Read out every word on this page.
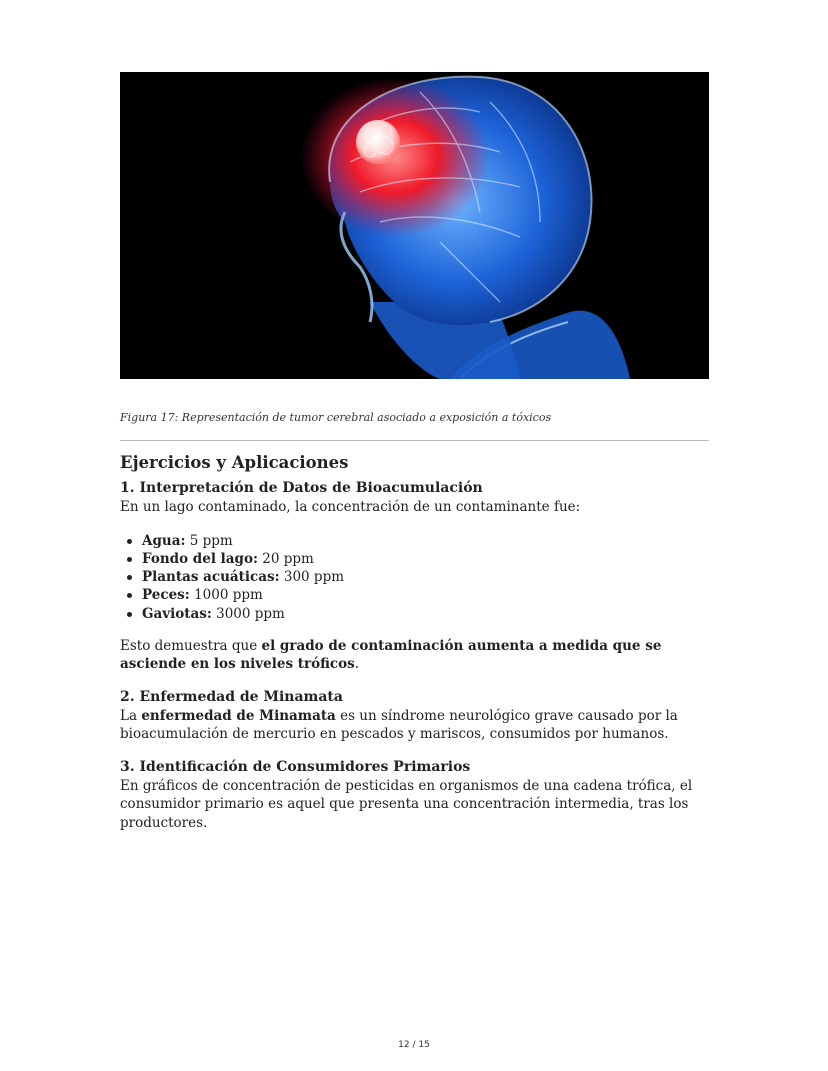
Figura 17: Representación de tumor cerebral asociado a exposición a tóxicos
Ejercicios y Aplicaciones
1. Interpretación de Datos de Bioacumulación

En un lago contaminado, la concentración de un contaminante fue:

Agua: 5 ppm
Fondo del lago: 20 ppm
Plantas acuáticas: 300 ppm
Peces: 1000 ppm
Gaviotas: 3000 ppm

Esto demuestra que el grado de contaminación aumenta a medida que se asciende en los niveles tróficos.

2. Enfermedad de Minamata

La enfermedad de Minamata es un síndrome neurológico grave causado por la bioacumulación de mercurio en pescados y mariscos, consumidos por humanos.

3. Identificación de Consumidores Primarios

En gráficos de concentración de pesticidas en organismos de una cadena trófica, el consumidor primario es aquel que presenta una concentración intermedia, tras los productores.

12 / 15
